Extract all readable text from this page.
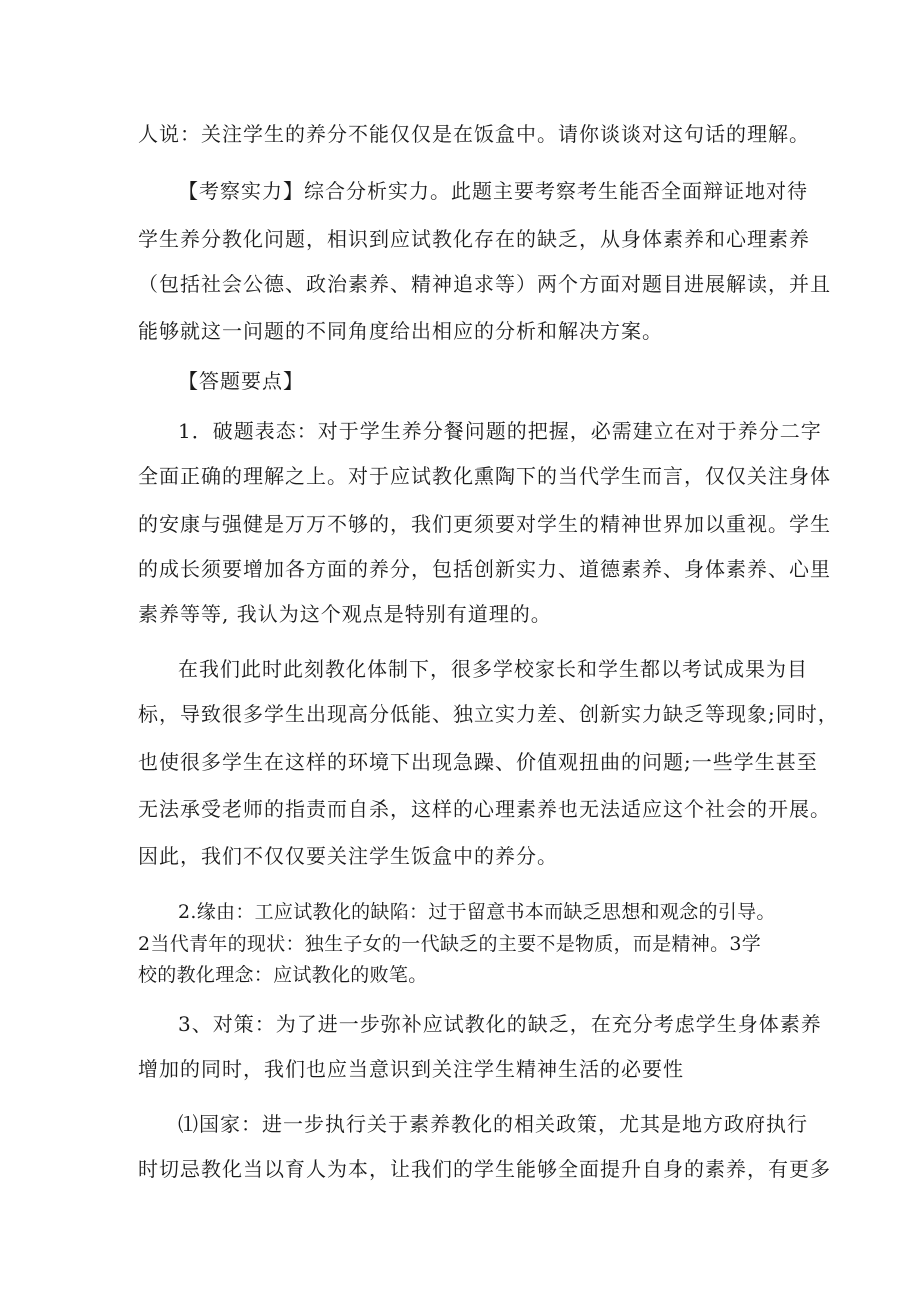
人说：关注学生的养分不能仅仅是在饭盒中。请你谈谈对这句话的理解。
【考察实力】综合分析实力。此题主要考察考生能否全面辩证地对待
学生养分教化问题，相识到应试教化存在的缺乏，从身体素养和心理素养
（包括社会公德、政治素养、精神追求等）两个方面对题目进展解读，并且
能够就这一问题的不同角度给出相应的分析和解决方案。
【答题要点】
1．破题表态：对于学生养分餐问题的把握，必需建立在对于养分二字
全面正确的理解之上。对于应试教化熏陶下的当代学生而言，仅仅关注身体
的安康与强健是万万不够的，我们更须要对学生的精神世界加以重视。学生
的成长须要增加各方面的养分，包括创新实力、道德素养、身体素养、心里
素养等等, 我认为这个观点是特别有道理的。
在我们此时此刻教化体制下，很多学校家长和学生都以考试成果为目
标，导致很多学生出现高分低能、独立实力差、创新实力缺乏等现象;同时，
也使很多学生在这样的环境下出现急躁、价值观扭曲的问题;一些学生甚至
无法承受老师的指责而自杀，这样的心理素养也无法适应这个社会的开展。
因此，我们不仅仅要关注学生饭盒中的养分。
2.缘由：工应试教化的缺陷：过于留意书本而缺乏思想和观念的引导。
2当代青年的现状：独生子女的一代缺乏的主要不是物质，而是精神。3学
校的教化理念：应试教化的败笔。
3、对策：为了进一步弥补应试教化的缺乏，在充分考虑学生身体素养
增加的同时，我们也应当意识到关注学生精神生活的必要性
⑴国家：进一步执行关于素养教化的相关政策，尤其是地方政府执行
时切忌教化当以育人为本，让我们的学生能够全面提升自身的素养，有更多
